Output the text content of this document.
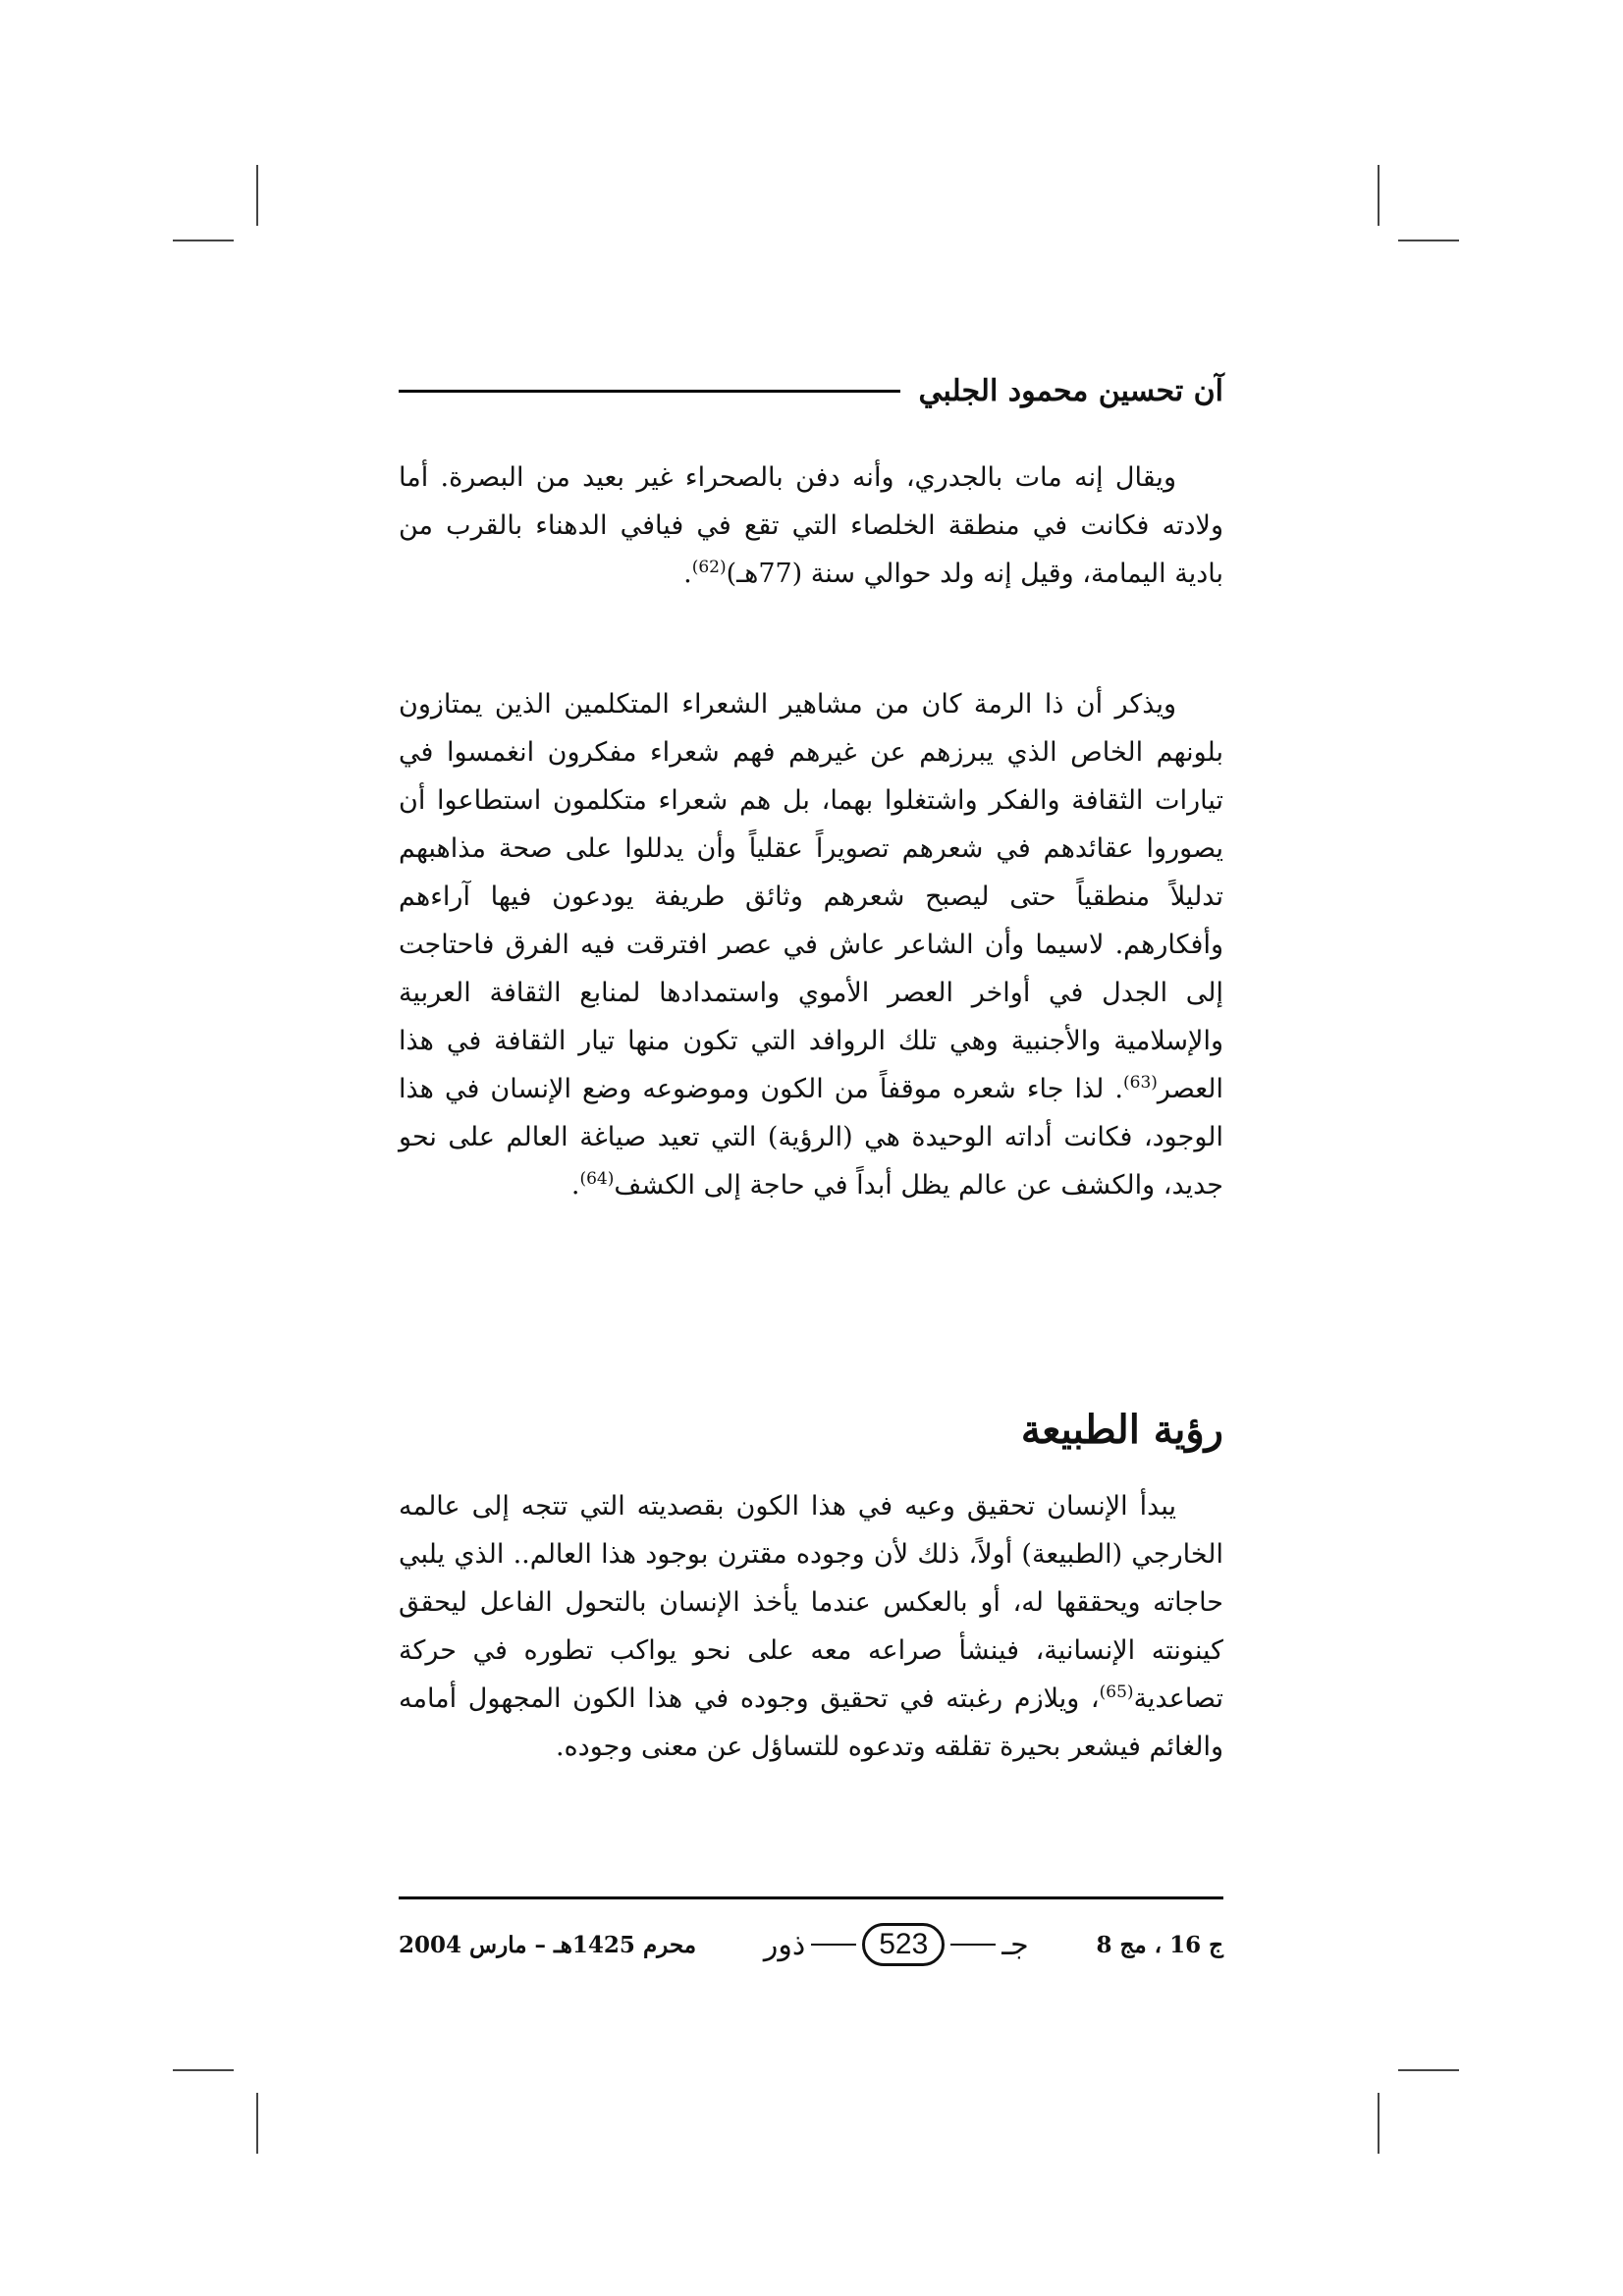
آن تحسين محمود الجلبي

ويقال إنه مات بالجدري، وأنه دفن بالصحراء غير بعيد من البصرة. أما ولادته فكانت في منطقة الخلصاء التي تقع في فيافي الدهناء بالقرب من بادية اليمامة، وقيل إنه ولد حوالي سنة (77هـ)$^{(62)}$.

ويذكر أن ذا الرمة كان من مشاهير الشعراء المتكلمين الذين يمتازون بلونهم الخاص الذي يبرزهم عن غيرهم فهم شعراء مفكرون انغمسوا في تيارات الثقافة والفكر واشتغلوا بهما، بل هم شعراء متكلمون استطاعوا أن يصوروا عقائدهم في شعرهم تصويراً عقلياً وأن يدللوا على صحة مذاهبهم تدليلاً منطقياً حتى ليصبح شعرهم وثائق طريفة يودعون فيها آراءهم وأفكارهم. لاسيما وأن الشاعر عاش في عصر افترقت فيه الفرق فاحتاجت إلى الجدل في أواخر العصر الأموي واستمدادها لمنابع الثقافة العربية والإسلامية والأجنبية وهي تلك الروافد التي تكون منها تيار الثقافة في هذا العصر$^{(63)}$. لذا جاء شعره موقفاً من الكون وموضوعه وضع الإنسان في هذا الوجود، فكانت أداته الوحيدة هي (الرؤية) التي تعيد صياغة العالم على نحو جديد، والكشف عن عالم يظل أبداً في حاجة إلى الكشف$^{(64)}$.

رؤية الطبيعة

يبدأ الإنسان تحقيق وعيه في هذا الكون بقصديته التي تتجه إلى عالمه الخارجي (الطبيعة) أولاً، ذلك لأن وجوده مقترن بوجود هذا العالم.. الذي يلبي حاجاته ويحققها له، أو بالعكس عندما يأخذ الإنسان بالتحول الفاعل ليحقق كينونته الإنسانية، فينشأ صراعه معه على نحو يواكب تطوره في حركة تصاعدية$^{(65)}$، ويلازم رغبته في تحقيق وجوده في هذا الكون المجهول أمامه والغائم فيشعر بحيرة تقلقه وتدعوه للتساؤل عن معنى وجوده.

ج 16 ، مج 8
ذور	523	جـ
محرم 1425هـ – مارس 2004
